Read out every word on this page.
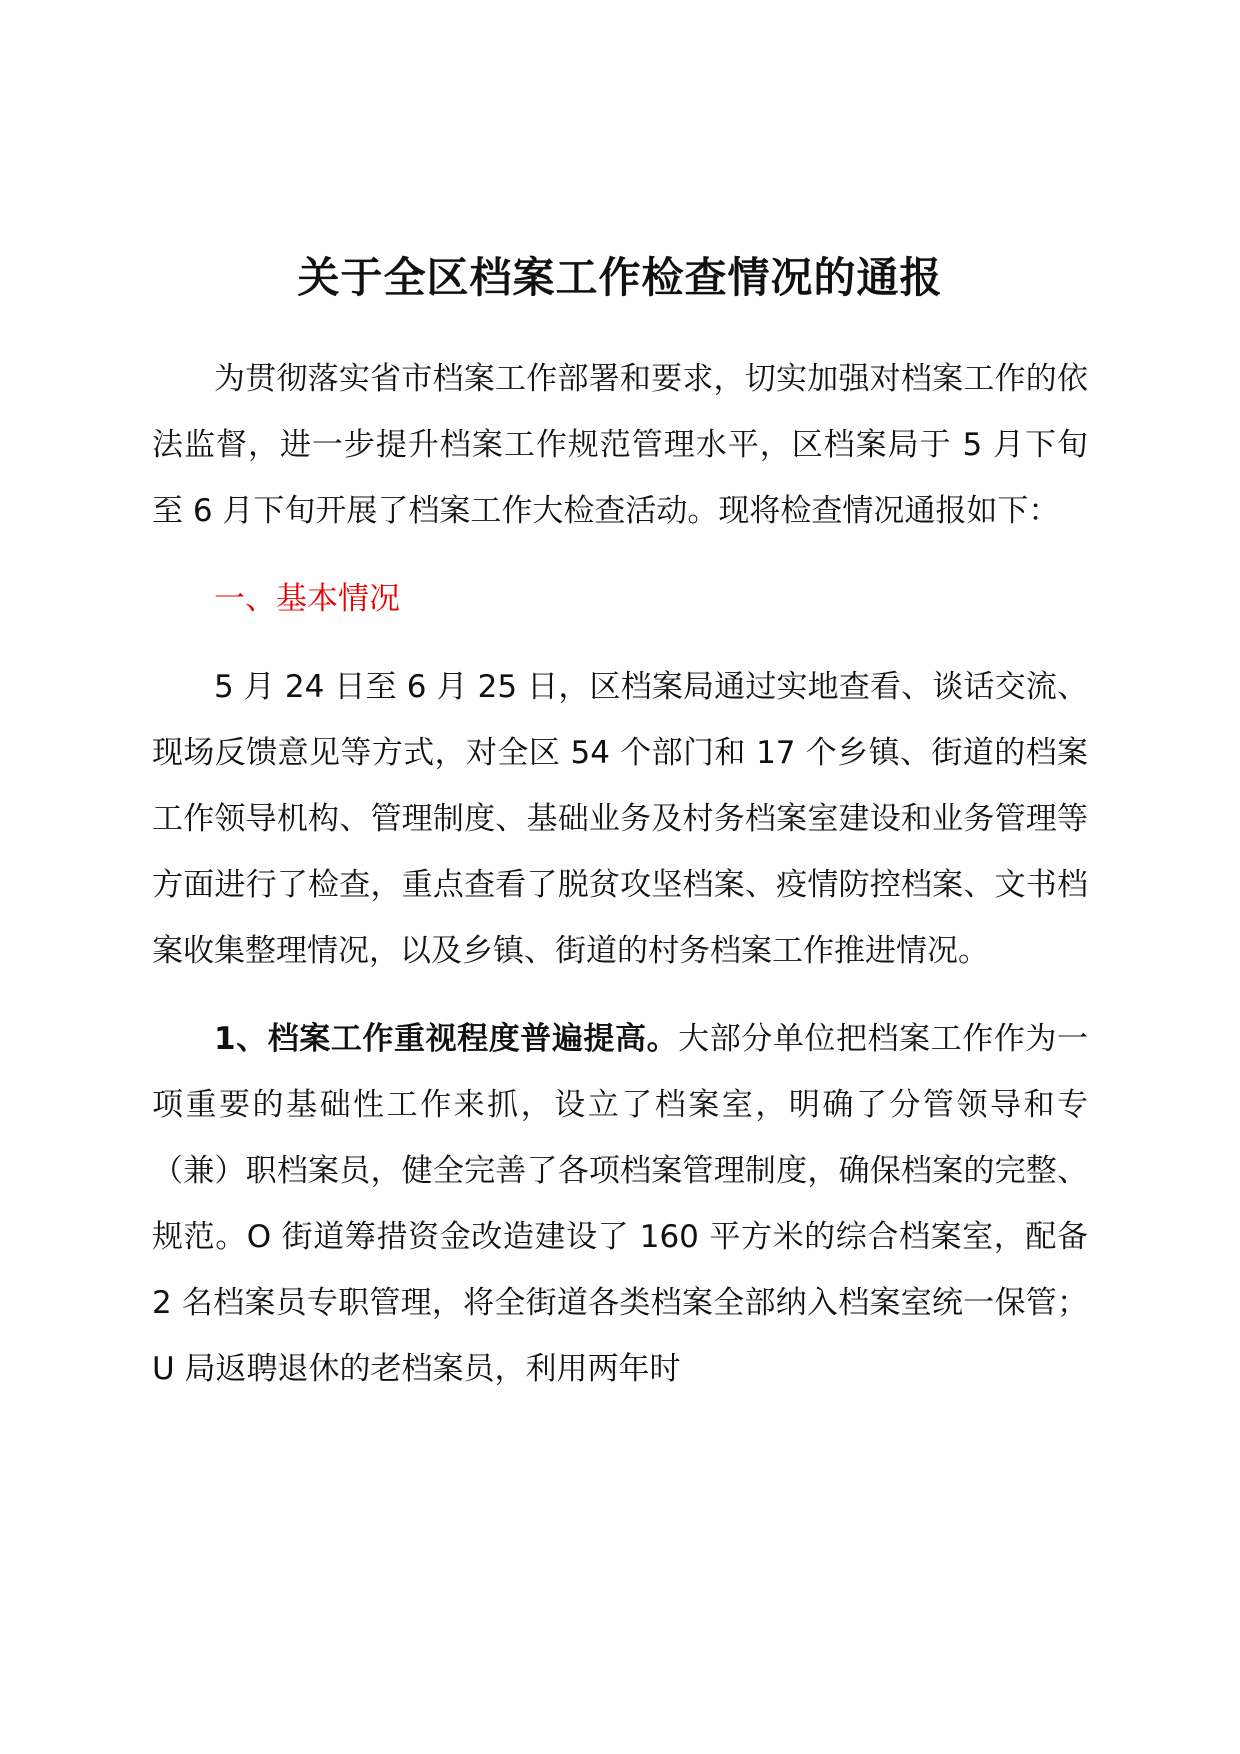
关于全区档案工作检查情况的通报

为贯彻落实省市档案工作部署和要求，切实加强对档案工作的依法监督，进一步提升档案工作规范管理水平，区档案局于 5 月下旬至 6 月下旬开展了档案工作大检查活动。现将检查情况通报如下：

一、基本情况

5 月 24 日至 6 月 25 日，区档案局通过实地查看、谈话交流、现场反馈意见等方式，对全区 54 个部门和 17 个乡镇、街道的档案工作领导机构、管理制度、基础业务及村务档案室建设和业务管理等方面进行了检查，重点查看了脱贫攻坚档案、疫情防控档案、文书档案收集整理情况，以及乡镇、街道的村务档案工作推进情况。

1、档案工作重视程度普遍提高。大部分单位把档案工作作为一项重要的基础性工作来抓，设立了档案室，明确了分管领导和专（兼）职档案员，健全完善了各项档案管理制度，确保档案的完整、规范。O 街道筹措资金改造建设了 160 平方米的综合档案室，配备 2 名档案员专职管理，将全街道各类档案全部纳入档案室统一保管；U 局返聘退休的老档案员，利用两年时
